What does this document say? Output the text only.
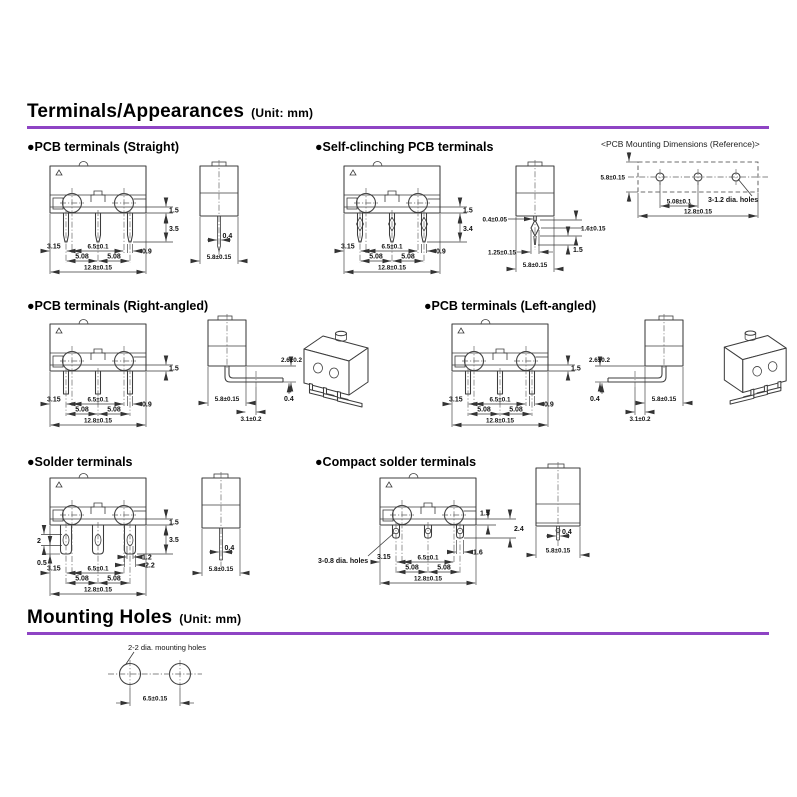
Terminals/Appearances (Unit: mm)
●PCB terminals (Straight)	●Self-clinching PCB terminals	<PCB Mounting Dimensions (Reference)>
1.5
3.5
3.15	6.5±0.1
0.9
5.08	5.08
12.8±0.15
0.4
5.8±0.15
1.5
3.4
3.15	6.5±0.1
0.9
5.08	5.08
12.8±0.15
1.6±0.15
1.5
0.4±0.05
1.25±0.15
5.8±0.15
5.8±0.15
3-1.2 dia. holes
5.08±0.1
12.8±0.15
●PCB terminals (Right-angled)	●PCB terminals (Left-angled)
1.5
3.15	6.5±0.1
0.9
5.08	5.08
12.8±0.15
5.8±0.15
3.1±0.2
2.6±0.2
0.4
1.5
3.15	6.5±0.1
0.9
5.08	5.08
12.8±0.15
2.6±0.2
0.4	5.8±0.15
3.1±0.2
●Solder terminals	●Compact solder terminals
1.5
3.5
2
0.5
1.2
2.2
3.15	6.5±0.1
5.08	5.08
12.8±0.15
0.4
5.8±0.15
3-0.8 dia. holes
1.5
2.4
1.6
3.15	6.5±0.1
5.08	5.08
12.8±0.15
0.4
5.8±0.15
Mounting Holes (Unit: mm)
2-2 dia. mounting holes
6.5±0.15
